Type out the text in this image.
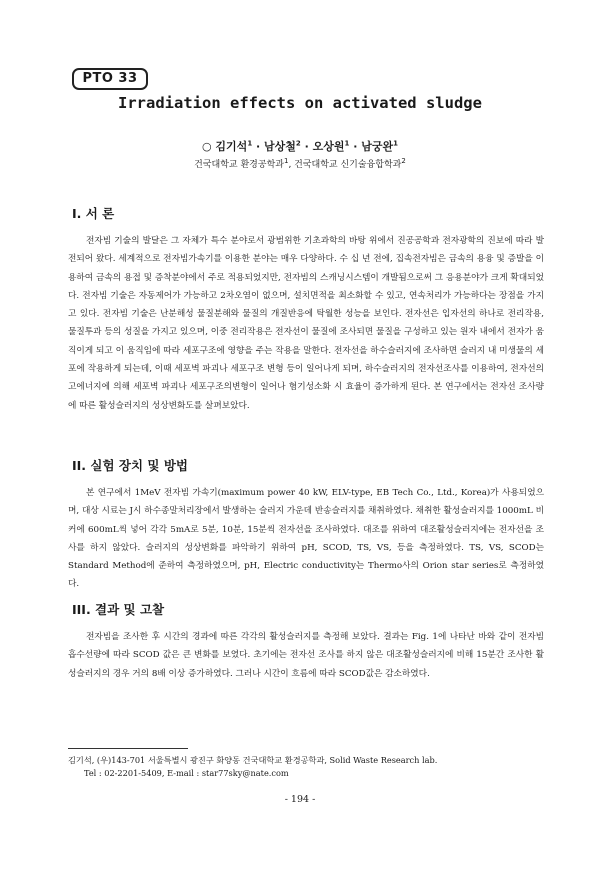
PTO 33
Irradiation effects on activated sludge
○ 김기석$^1$ · 남상철$^2$ · 오상원$^1$ · 남궁완$^1$
건국대학교 환경공학과$^1$, 건국대학교 신기술융합학과$^2$
I. 서 론

전자빔 기술의 발달은 그 자체가 특수 분야로서 광범위한 기초과학의 바탕 위에서 진공공학과 전자광학의 진보에 따라 발전되어 왔다. 세계적으로 전자빔가속기를 이용한 분야는 매우 다양하다. 수 십 년 전에, 집속전자빔은 금속의 용융 및 증발을 이용하여 금속의 용접 및 증착분야에서 주로 적용되었지만, 전자빔의 스캐닝시스템이 개발됨으로써 그 응용분야가 크게 확대되었다. 전자빔 기술은 자동제어가 가능하고 2차오염이 없으며, 설치면적을 최소화할 수 있고, 연속처리가 가능하다는 장점을 가지고 있다. 전자빔 기술은 난분해성 물질분해와 물질의 개질반응에 탁월한 성능을 보인다. 전자선은 입자선의 하나로 전리작용, 물질투과 등의 성질을 가지고 있으며, 이중 전리작용은 전자선이 물질에 조사되면 물질을 구성하고 있는 원자 내에서 전자가 움직이게 되고 이 움직임에 따라 세포구조에 영향을 주는 작용을 말한다. 전자선을 하수슬러지에 조사하면 슬러지 내 미생물의 세포에 작용하게 되는데, 이때 세포벽 파괴나 세포구조 변형 등이 일어나게 되며, 하수슬러지의 전자선조사를 이용하여, 전자선의 고에너지에 의해 세포벽 파괴나 세포구조의변형이 일어나 혐기성소화 시 효율이 증가하게 된다. 본 연구에서는 전자선 조사량에 따른 활성슬러지의 성상변화도를 살펴보았다.

II. 실험 장치 및 방법

본 연구에서 1MeV 전자빔 가속기(maximum power 40 kW, ELV-type, EB Tech Co., Ltd., Korea)가 사용되었으며, 대상 시료는 J시 하수종말처리장에서 발생하는 슬러지 가운데 반송슬러지를 채취하였다. 채취한 활성슬러지를 1000mL 비커에 600mL씩 넣어 각각 5mA로 5분, 10분, 15분씩 전자선을 조사하였다. 대조를 위하여 대조활성슬러지에는 전자선을 조사를 하지 않았다. 슬러지의 성상변화를 파악하기 위하여 pH, SCOD, TS, VS, 등을 측정하였다. TS, VS, SCOD는 Standard Method에 준하여 측정하였으며, pH, Electric conductivity는 Thermo사의 Orion star series로 측정하였다.

III. 결과 및 고찰

전자빔을 조사한 후 시간의 경과에 따른 각각의 활성슬러지를 측정해 보았다. 결과는 Fig. 1에 나타난 바와 같이 전자빔 흡수선량에 따라 SCOD 값은 큰 변화를 보였다. 초기에는 전자선 조사를 하지 않은 대조활성슬러지에 비해 15분간 조사한 활성슬러지의 경우 거의 8배 이상 증가하였다. 그러나 시간이 흐름에 따라 SCOD값은 감소하였다.

김기석, (우)143-701 서울특별시 광진구 화양동 건국대학교 환경공학과, Solid Waste Research lab.

Tel : 02-2201-5409, E-mail : star77sky@nate.com

- 194 -
